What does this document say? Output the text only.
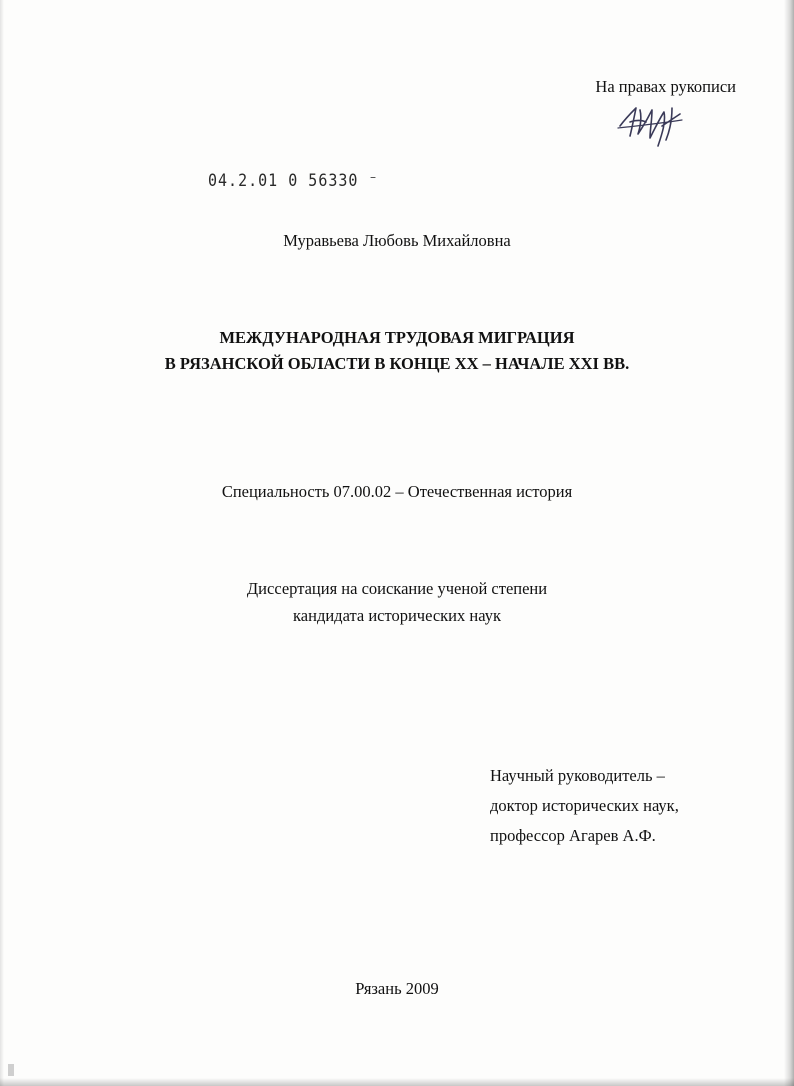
На правах рукописи
04.2.01 0 56330 ⁻
Муравьева Любовь Михайловна
МЕЖДУНАРОДНАЯ ТРУДОВАЯ МИГРАЦИЯ
В РЯЗАНСКОЙ ОБЛАСТИ В КОНЦЕ XX – НАЧАЛЕ XXI ВВ.
Специальность 07.00.02 – Отечественная история
Диссертация на соискание ученой степени
кандидата исторических наук
Научный руководитель –
доктор исторических наук,
профессор Агарев А.Ф.
Рязань 2009
